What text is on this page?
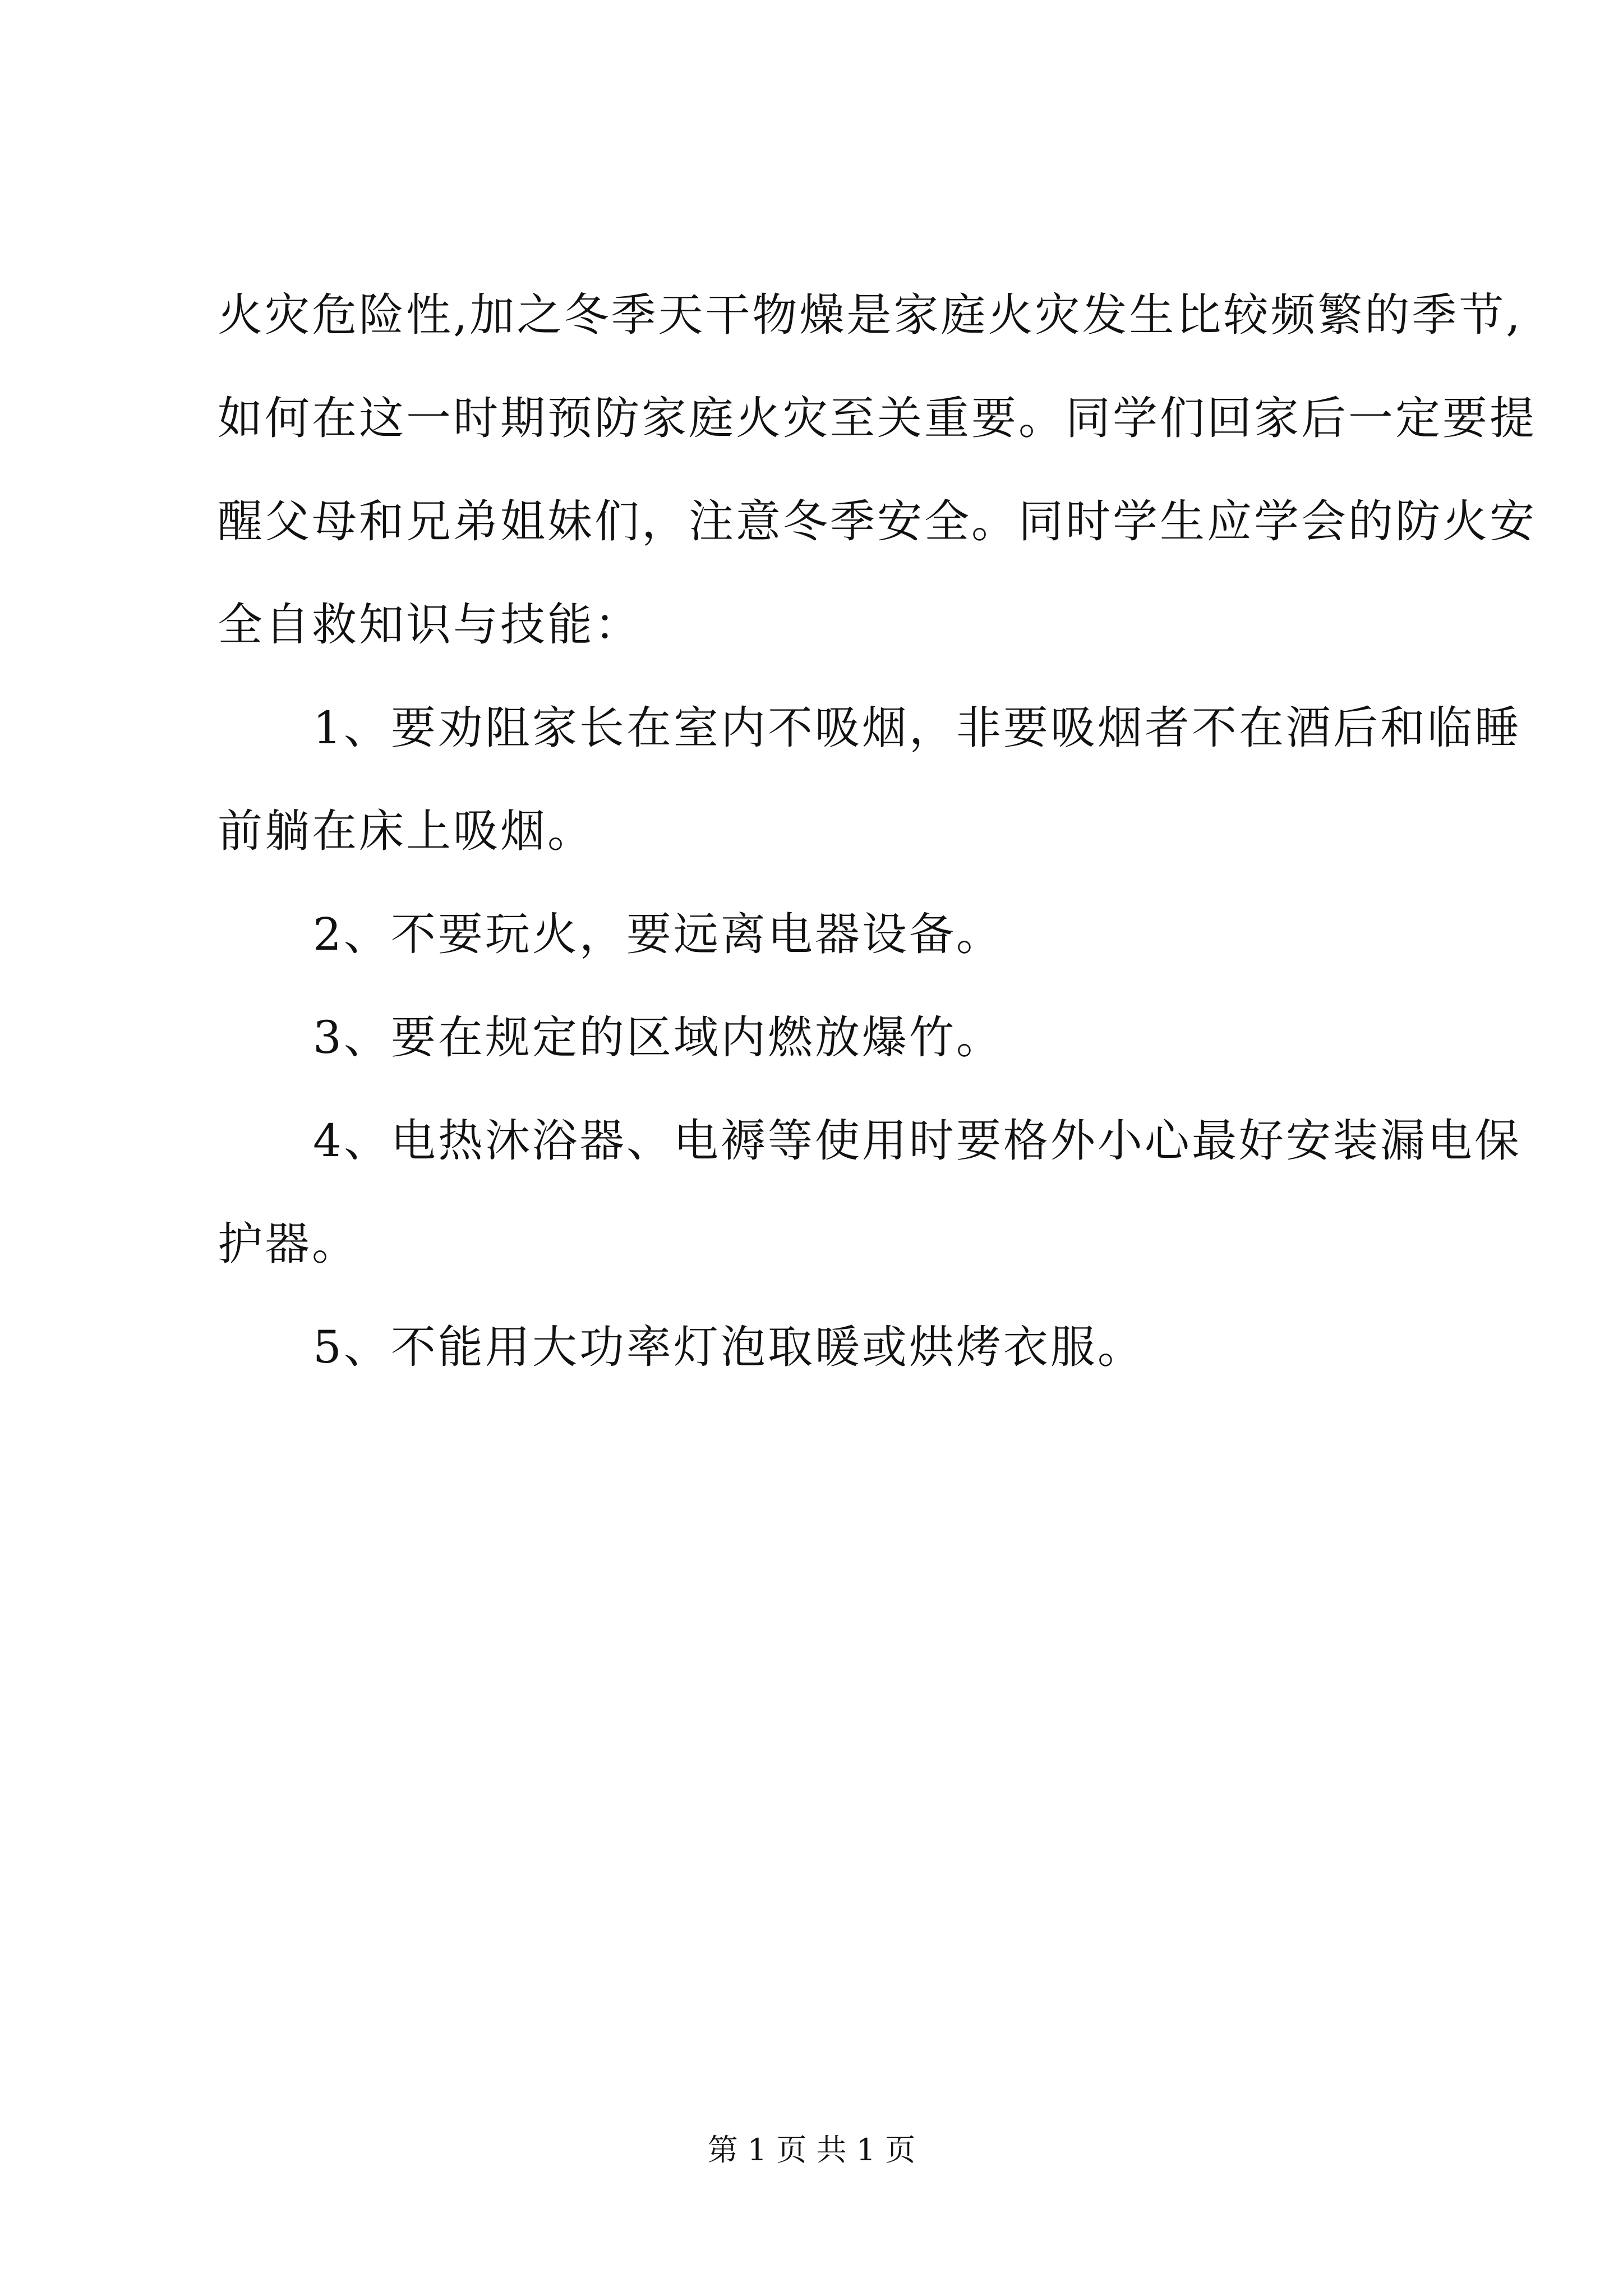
火灾危险性,加之冬季天干物燥是家庭火灾发生比较频繁的季节,
如何在这一时期预防家庭火灾至关重要。同学们回家后一定要提
醒父母和兄弟姐妹们，注意冬季安全。同时学生应学会的防火安
全自救知识与技能：
1、要劝阻家长在室内不吸烟，非要吸烟者不在酒后和临睡
前躺在床上吸烟。
2、不要玩火，要远离电器设备。
3、要在规定的区域内燃放爆竹。
4、电热沐浴器、电褥等使用时要格外小心最好安装漏电保
护器。
5、不能用大功率灯泡取暖或烘烤衣服。
第 1 页 共 1 页
